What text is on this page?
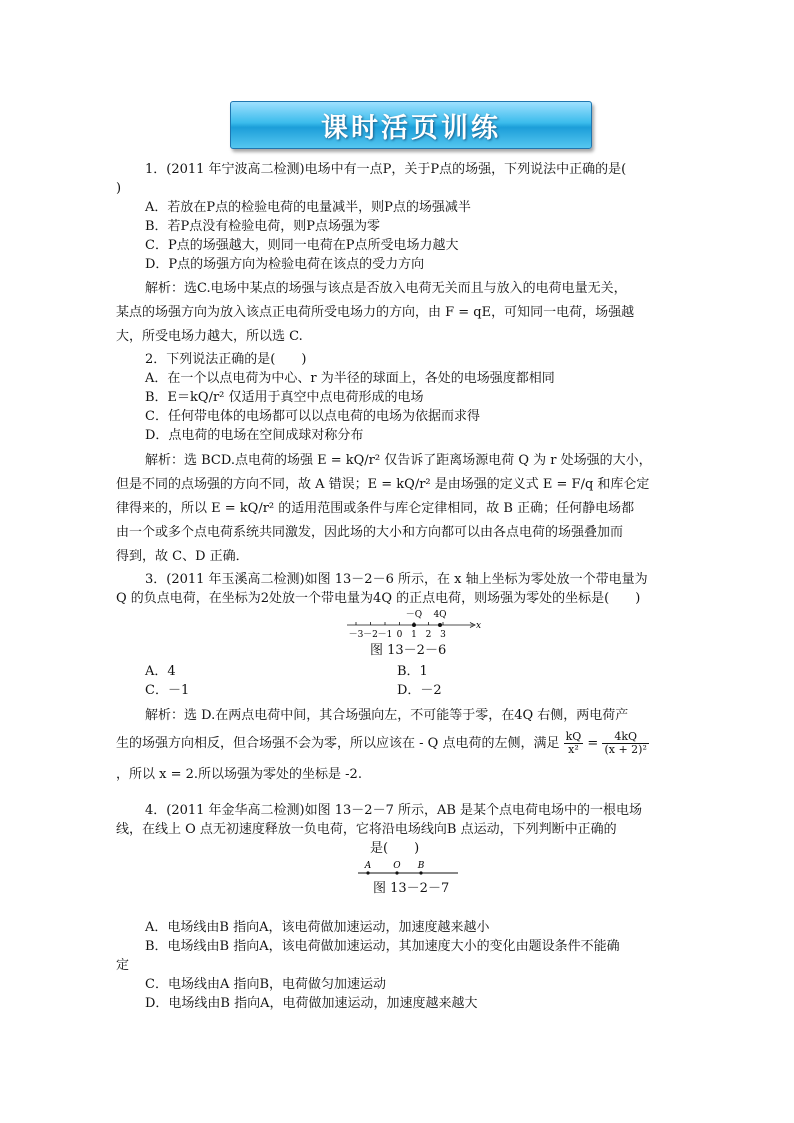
课时活页训练
1．(2011 年宁波高二检测)电场中有一点P，关于P点的场强，下列说法中正确的是(
)
A．若放在P点的检验电荷的电量减半，则P点的场强减半
B．若P点没有检验电荷，则P点场强为零
C．P点的场强越大，则同一电荷在P点所受电场力越大
D．P点的场强方向为检验电荷在该点的受力方向
解析：选C.电场中某点的场强与该点是否放入电荷无关而且与放入的电荷电量无关，
某点的场强方向为放入该点正电荷所受电场力的方向，由 F = qE，可知同一电荷，场强越
大，所受电场力越大，所以选 C.
2．下列说法正确的是(　　)
A．在一个以点电荷为中心、r 为半径的球面上，各处的电场强度都相同
B．E＝kQ/r² 仅适用于真空中点电荷形成的电场
C．任何带电体的电场都可以以点电荷的电场为依据而求得
D．点电荷的电场在空间成球对称分布
解析：选 BCD.点电荷的场强 E = kQ/r² 仅告诉了距离场源电荷 Q 为 r 处场强的大小，
但是不同的点场强的方向不同，故 A 错误；E = kQ/r² 是由场强的定义式 E = F/q 和库仑定
律得来的，所以 E = kQ/r² 的适用范围或条件与库仑定律相同，故 B 正确；任何静电场都
由一个或多个点电荷系统共同激发，因此场的大小和方向都可以由各点电荷的场强叠加而
得到，故 C、D 正确．
3．(2011 年玉溪高二检测)如图 13－2－6 所示，在 x 轴上坐标为零处放一个带电量为
Q 的负点电荷，在坐标为2处放一个带电量为4Q 的正点电荷，则场强为零处的坐标是(　　)
－3 －2 －1 0 1 2 3
－Q 4Q
x
图 13－2－6
A．4	B．1
C．－1	D．－2
解析：选 D.在两点电荷中间，其合场强向左，不可能等于零，在4Q 右侧，两电荷产
生的场强方向相反，但合场强不会为零，所以应该在 - Q 点电荷的左侧，满足 $\frac{kQ}{\text{x²}} = \frac{4kQ}{\text{(x + 2)²}}$
，所以 x = 2.所以场强为零处的坐标是 -2.
4．(2011 年金华高二检测)如图 13－2－7 所示，AB 是某个点电荷电场中的一根电场
线，在线上 O 点无初速度释放一负电荷，它将沿电场线向B 点运动，下列判断中正确的
是(　　)
A O B
图 13－2－7
A．电场线由B 指向A，该电荷做加速运动，加速度越来越小
B．电场线由B 指向A，该电荷做加速运动，其加速度大小的变化由题设条件不能确
定
C．电场线由A 指向B，电荷做匀加速运动
D．电场线由B 指向A，电荷做加速运动，加速度越来越大
